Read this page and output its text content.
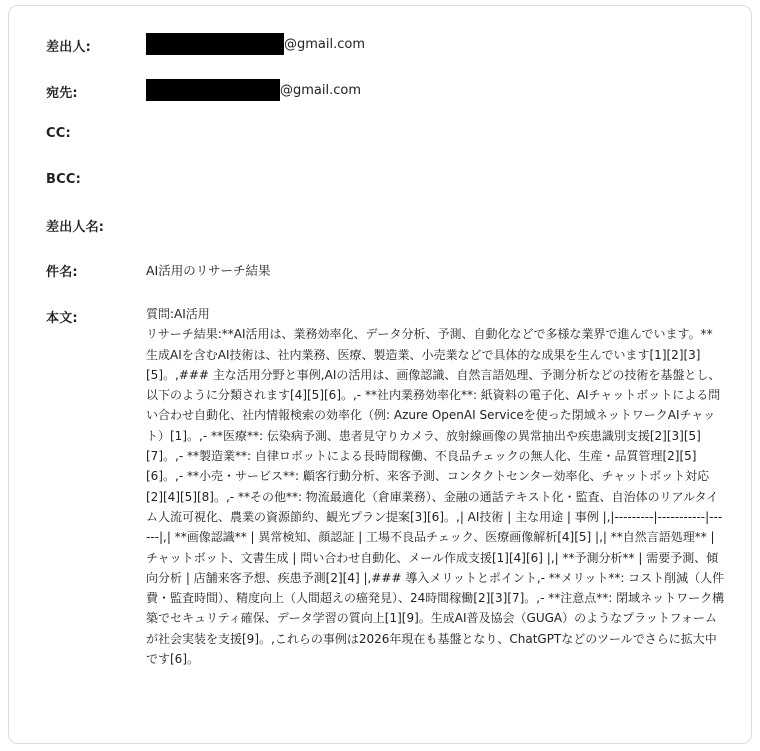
差出人:	@gmail.com
宛先:	@gmail.com
CC:
BCC:
差出人名:
件名:	AI活用のリサーチ結果
本文:	質問:AI活用
リサーチ結果:**AI活用は、業務効率化、データ分析、予測、自動化などで多様な業界で進んでいます。** 生成AIを含むAI技術は、社内業務、医療、製造業、小売業などで具体的な成果を生んでいます[1][2][3][5]。,### 主な活用分野と事例,AIの活用は、画像認識、自然言語処理、予測分析などの技術を基盤とし、以下のように分類されます[4][5][6]。,- **社内業務効率化**: 紙資料の電子化、AIチャットボットによる問い合わせ自動化、社内情報検索の効率化（例: Azure OpenAI Serviceを使った閉域ネットワークAIチャット）[1]。,- **医療**: 伝染病予測、患者見守りカメラ、放射線画像の異常抽出や疾患識別支援[2][3][5][7]。,- **製造業**: 自律ロボットによる長時間稼働、不良品チェックの無人化、生産・品質管理[2][5][6]。,- **小売・サービス**: 顧客行動分析、来客予測、コンタクトセンター効率化、チャットボット対応[2][4][5][8]。,- **その他**: 物流最適化（倉庫業務）、金融の通話テキスト化・監査、自治体のリアルタイム人流可視化、農業の資源節約、観光プラン提案[3][6]。,| AI技術 | 主な用途 | 事例 |,|---------|-----------|------|,| **画像認識** | 異常検知、顔認証 | 工場不良品チェック、医療画像解析[4][5] |,| **自然言語処理** | チャットボット、文書生成 | 問い合わせ自動化、メール作成支援[1][4][6] |,| **予測分析** | 需要予測、傾向分析 | 店舗来客予想、疾患予測[2][4] |,### 導入メリットとポイント,- **メリット**: コスト削減（人件費・監査時間）、精度向上（人間超えの癌発見）、24時間稼働[2][3][7]。,- **注意点**: 閉域ネットワーク構築でセキュリティ確保、データ学習の質向上[1][9]。生成AI普及協会（GUGA）のようなプラットフォームが社会実装を支援[9]。,これらの事例は2026年現在も基盤となり、ChatGPTなどのツールでさらに拡大中です[6]。
